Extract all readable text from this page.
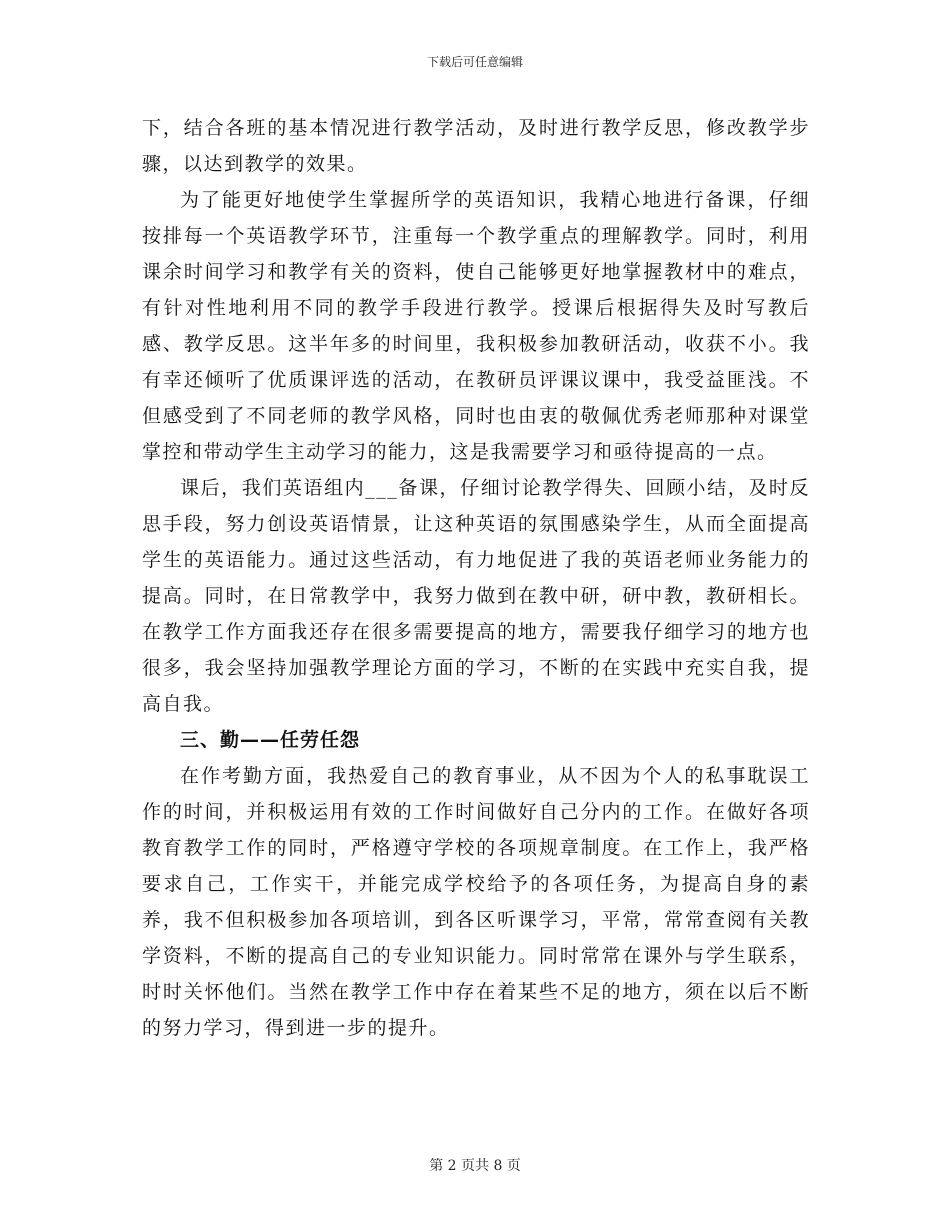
下载后可任意编辑

下，结合各班的基本情况进行教学活动，及时进行教学反思，修改教学步骤，以达到教学的效果。

为了能更好地使学生掌握所学的英语知识，我精心地进行备课，仔细按排每一个英语教学环节，注重每一个教学重点的理解教学。同时，利用课余时间学习和教学有关的资料，使自己能够更好地掌握教材中的难点，有针对性地利用不同的教学手段进行教学。授课后根据得失及时写教后感、教学反思。这半年多的时间里，我积极参加教研活动，收获不小。我有幸还倾听了优质课评选的活动，在教研员评课议课中，我受益匪浅。不但感受到了不同老师的教学风格，同时也由衷的敬佩优秀老师那种对课堂掌控和带动学生主动学习的能力，这是我需要学习和亟待提高的一点。

课后，我们英语组内___备课，仔细讨论教学得失、回顾小结，及时反思手段，努力创设英语情景，让这种英语的氛围感染学生，从而全面提高学生的英语能力。通过这些活动，有力地促进了我的英语老师业务能力的提高。同时，在日常教学中，我努力做到在教中研，研中教，教研相长。在教学工作方面我还存在很多需要提高的地方，需要我仔细学习的地方也很多，我会坚持加强教学理论方面的学习，不断的在实践中充实自我，提高自我。

三、勤——任劳任怨

在作考勤方面，我热爱自己的教育事业，从不因为个人的私事耽误工作的时间，并积极运用有效的工作时间做好自己分内的工作。在做好各项教育教学工作的同时，严格遵守学校的各项规章制度。在工作上，我严格要求自己，工作实干，并能完成学校给予的各项任务，为提高自身的素养，我不但积极参加各项培训，到各区听课学习，平常，常常查阅有关教学资料，不断的提高自己的专业知识能力。同时常常在课外与学生联系，时时关怀他们。当然在教学工作中存在着某些不足的地方，须在以后不断的努力学习，得到进一步的提升。

第 2 页共 8 页
